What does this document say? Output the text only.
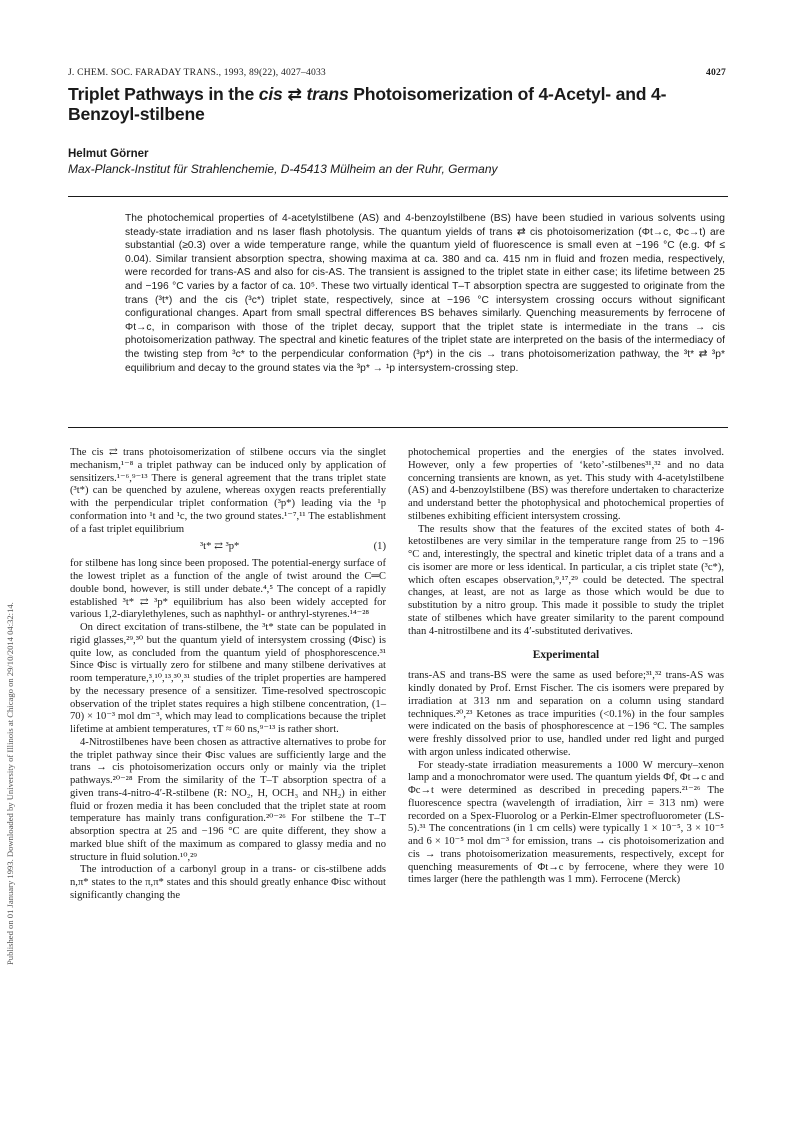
Published on 01 January 1993. Downloaded by University of Illinois at Chicago on 29/10/2014 04:32:14.
J. CHEM. SOC. FARADAY TRANS., 1993, 89(22), 4027–4033	4027
Triplet Pathways in the cis ⇄ trans Photoisomerization of 4-Acetyl- and 4-Benzoyl-stilbene
Helmut Görner
Max-Planck-Institut für Strahlenchemie, D-45413 Mülheim an der Ruhr, Germany
The photochemical properties of 4-acetylstilbene (AS) and 4-benzoylstilbene (BS) have been studied in various solvents using steady-state irradiation and ns laser flash photolysis. The quantum yields of trans ⇄ cis photoisomerization (Φt→c, Φc→t) are substantial (≥0.3) over a wide temperature range, while the quantum yield of fluorescence is small even at −196 °C (e.g. Φf ≤ 0.04). Similar transient absorption spectra, showing maxima at ca. 380 and ca. 415 nm in fluid and frozen media, respectively, were recorded for trans-AS and also for cis-AS. The transient is assigned to the triplet state in either case; its lifetime between 25 and −196 °C varies by a factor of ca. 10⁵. These two virtually identical T–T absorption spectra are suggested to originate from the trans (³t*) and the cis (³c*) triplet state, respectively, since at −196 °C intersystem crossing occurs without significant configurational changes. Apart from small spectral differences BS behaves similarly. Quenching measurements by ferrocene of Φt→c, in comparison with those of the triplet decay, support that the triplet state is intermediate in the trans → cis photoisomerization pathway. The spectral and kinetic features of the triplet state are interpreted on the basis of the intermediacy of the twisting step from ³c* to the perpendicular conformation (³p*) in the cis → trans photoisomerization pathway, the ³t* ⇄ ³p* equilibrium and decay to the ground states via the ³p* → ¹p intersystem-crossing step.

The cis ⇄ trans photoisomerization of stilbene occurs via the singlet mechanism,¹⁻⁸ a triplet pathway can be induced only by application of sensitizers.¹⁻⁶,⁹⁻¹³ There is general agreement that the trans triplet state (³t*) can be quenched by azulene, whereas oxygen reacts preferentially with the perpendicular triplet conformation (³p*) leading via the ¹p conformation into ¹t and ¹c, the two ground states.¹⁻⁷,¹¹ The establishment of a fast triplet equilibrium

³t* ⇄ ³p*	(1)

for stilbene has long since been proposed. The potential-energy surface of the lowest triplet as a function of the angle of twist around the C═C double bond, however, is still under debate.⁴,⁵ The concept of a rapidly established ³t* ⇄ ³p* equilibrium has also been widely accepted for various 1,2-diarylethylenes, such as naphthyl- or anthryl-styrenes.¹⁴⁻²⁸

On direct excitation of trans-stilbene, the ³t* state can be populated in rigid glasses,²⁹,³⁰ but the quantum yield of intersystem crossing (Φisc) is quite low, as concluded from the quantum yield of phosphorescence.³¹ Since Φisc is virtually zero for stilbene and many stilbene derivatives at room temperature,³,¹⁰,¹³,³⁰,³¹ studies of the triplet properties are hampered by the necessary presence of a sensitizer. Time-resolved spectroscopic observation of the triplet states requires a high stilbene concentration, (1–70) × 10⁻³ mol dm⁻³, which may lead to complications because the triplet lifetime at ambient temperatures, τT ≈ 60 ns,⁹⁻¹³ is rather short.

4-Nitrostilbenes have been chosen as attractive alternatives to probe for the triplet pathway since their Φisc values are sufficiently large and the trans → cis photoisomerization occurs only or mainly via the triplet pathways.²⁰⁻²⁸ From the similarity of the T–T absorption spectra of a given trans-4-nitro-4′-R-stilbene (R: NO₂, H, OCH₃ and NH₂) in either fluid or frozen media it has been concluded that the triplet state at room temperature has mainly trans configuration.²⁰⁻²⁶ For stilbene the T–T absorption spectra at 25 and −196 °C are quite different, they show a marked blue shift of the maximum as compared to glassy media and no structure in fluid solution.¹⁰,²⁹

The introduction of a carbonyl group in a trans- or cis-stilbene adds n,π* states to the π,π* states and this should greatly enhance Φisc without significantly changing the

photochemical properties and the energies of the states involved. However, only a few properties of ‘keto’-stilbenes³¹,³² and no data concerning transients are known, as yet. This study with 4-acetylstilbene (AS) and 4-benzoylstilbene (BS) was therefore undertaken to characterize and understand better the photophysical and photochemical properties of stilbenes exhibiting efficient intersystem crossing.

The results show that the features of the excited states of both 4-ketostilbenes are very similar in the temperature range from 25 to −196 °C and, interestingly, the spectral and kinetic triplet data of a trans and a cis isomer are more or less identical. In particular, a cis triplet state (³c*), which often escapes observation,⁹,¹⁷,²⁹ could be detected. The spectral changes, at least, are not as large as those which would be due to substitution by a nitro group. This made it possible to study the triplet state of stilbenes which have greater similarity to the parent compound than 4-nitrostilbene and its 4′-substituted derivatives.

Experimental

trans-AS and trans-BS were the same as used before;³¹,³² trans-AS was kindly donated by Prof. Ernst Fischer. The cis isomers were prepared by irradiation at 313 nm and separation on a column using standard techniques.²⁰,²³ Ketones as trace impurities (<0.1%) in the four samples were indicated on the basis of phosphorescence at −196 °C. The samples were freshly dissolved prior to use, handled under red light and purged with argon unless indicated otherwise.

For steady-state irradiation measurements a 1000 W mercury–xenon lamp and a monochromator were used. The quantum yields Φf, Φt→c and Φc→t were determined as described in preceding papers.²¹⁻²⁶ The fluorescence spectra (wavelength of irradiation, λirr = 313 nm) were recorded on a Spex-Fluorolog or a Perkin-Elmer spectrofluorometer (LS-5).³¹ The concentrations (in 1 cm cells) were typically 1 × 10⁻⁵, 3 × 10⁻⁵ and 6 × 10⁻⁵ mol dm⁻³ for emission, trans → cis photoisomerization and cis → trans photoisomerization measurements, respectively, except for quenching measurements of Φt→c by ferrocene, where they were 10 times larger (here the pathlength was 1 mm). Ferrocene (Merck)
